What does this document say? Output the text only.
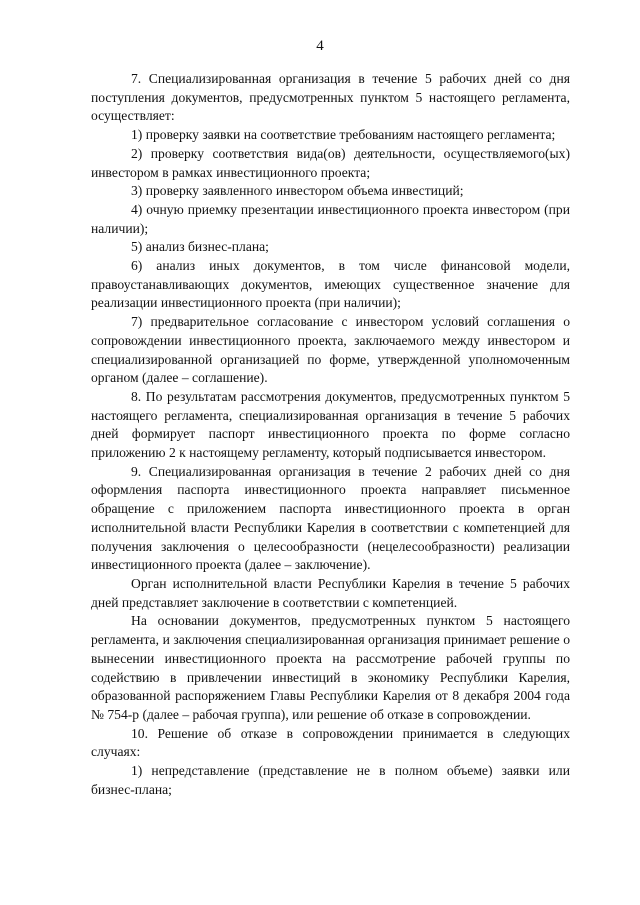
4

7. Специализированная организация в течение 5 рабочих дней со дня поступления документов, предусмотренных пунктом 5 настоящего регламента, осуществляет:

1) проверку заявки на соответствие требованиям настоящего регламента;

2) проверку соответствия вида(ов) деятельности, осуществляемого(ых) инвестором в рамках инвестиционного проекта;

3) проверку заявленного инвестором объема инвестиций;

4) очную приемку презентации инвестиционного проекта инвестором (при наличии);

5) анализ бизнес-плана;

6) анализ иных документов, в том числе финансовой модели, правоустанавливающих документов, имеющих существенное значение для реализации инвестиционного проекта (при наличии);

7) предварительное согласование с инвестором условий соглашения о сопровождении инвестиционного проекта, заключаемого между инвестором и специализированной организацией по форме, утвержденной уполномоченным органом (далее – соглашение).

8. По результатам рассмотрения документов, предусмотренных пунктом 5 настоящего регламента, специализированная организация в течение 5 рабочих дней формирует паспорт инвестиционного проекта по форме согласно приложению 2 к настоящему регламенту, который подписывается инвестором.

9. Специализированная организация в течение 2 рабочих дней со дня оформления паспорта инвестиционного проекта направляет письменное обращение с приложением паспорта инвестиционного проекта в орган исполнительной власти Республики Карелия в соответствии с компетенцией для получения заключения о целесообразности (нецелесообразности) реализации инвестиционного проекта (далее – заключение).

Орган исполнительной власти Республики Карелия в течение 5 рабочих дней представляет заключение в соответствии с компетенцией.

На основании документов, предусмотренных пунктом 5 настоящего регламента, и заключения специализированная организация принимает решение о вынесении инвестиционного проекта на рассмотрение рабочей группы по содействию в привлечении инвестиций в экономику Республики Карелия, образованной распоряжением Главы Республики Карелия от 8 декабря 2004 года № 754-р (далее – рабочая группа), или решение об отказе в сопровождении.

10. Решение об отказе в сопровождении принимается в следующих случаях:

1) непредставление (представление не в полном объеме) заявки или бизнес-плана;
